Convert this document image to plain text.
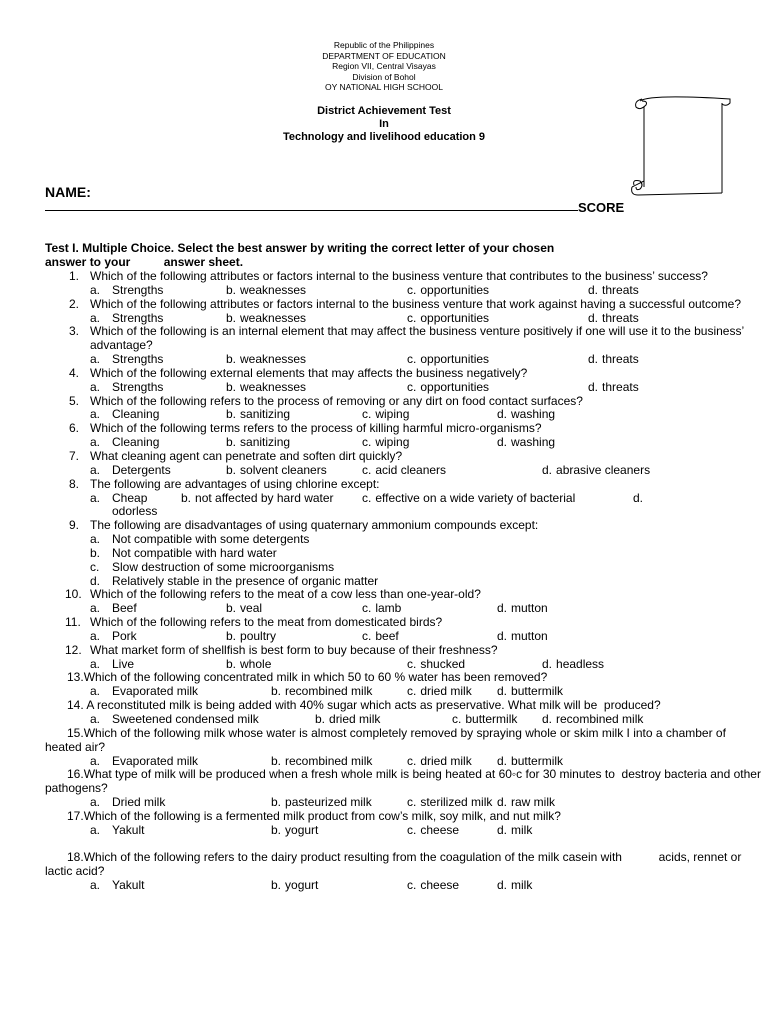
Republic of the Philippines
DEPARTMENT OF EDUCATION
Region VII, Central Visayas
Division of Bohol
OY NATIONAL HIGH SCHOOL
District Achievement Test
In
Technology and livelihood education 9
NAME:
SCORE
Test I. Multiple Choice. Select the best answer by writing the correct letter of your chosen
answer to your          answer sheet.
1. Which of the following attributes or factors internal to the business venture that contributes to the business’ success?
a. Strengths	b. weaknesses	c. opportunities	d. threats
2. Which of the following attributes or factors internal to the business venture that work against having a successful outcome?
a. Strengths	b. weaknesses	c. opportunities	d. threats
3. Which of the following is an internal element that may affect the business venture positively if one will use it to the business’ advantage?
a. Strengths	b. weaknesses	c. opportunities	d. threats
4. Which of the following external elements that may affects the business negatively?
a. Strengths	b. weaknesses	c. opportunities	d. threats
5. Which of the following refers to the process of removing or any dirt on food contact surfaces?
a. Cleaning	b. sanitizing	c. wiping	d. washing
6. Which of the following terms refers to the process of killing harmful micro-organisms?
a. Cleaning	b. sanitizing	c. wiping	d. washing
7. What cleaning agent can penetrate and soften dirt quickly?
a. Detergents	b. solvent cleaners	c. acid cleaners	d. abrasive cleaners
8. The following are advantages of using chlorine except:
a. Cheap	b. not affected by hard water c. effective on a wide variety of bacterial	d.
odorless
9. The following are disadvantages of using quaternary ammonium compounds except:
a. Not compatible with some detergents
b. Not compatible with hard water
c.	Slow destruction of some microorganisms
d. Relatively stable in the presence of organic matter
10. Which of the following refers to the meat of a cow less than one-year-old?
a. Beef	b. veal	c. lamb	d. mutton
11. Which of the following refers to the meat from domesticated birds?
a. Pork	b. poultry	c. beef	d. mutton
12. What market form of shellfish is best form to buy because of their freshness?
a. Live	b. whole	c. shucked	d. headless
13.Which of the following concentrated milk in which 50 to 60 % water has been removed?
a. Evaporated milk	b. recombined milk	c. dried milk d. buttermilk
14. A reconstituted milk is being added with 40% sugar which acts as preservative. What milk will be  produced?
a. Sweetened condensed milk	b. dried milk	c. buttermilk d. recombined milk
15.Which of the following milk whose water is almost completely removed by spraying whole or skim milk I into a chamber of heated air?
a. Evaporated milk	b. recombined milk	c. dried milk d. buttermilk
16.What type of milk will be produced when a fresh whole milk is being heated at 60◦c for 30 minutes to  destroy bacteria and other pathogens?
a. Dried milk	b. pasteurized milk	c. sterilized milk d. raw milk
17.Which of the following is a fermented milk product from cow’s milk, soy milk, and nut milk?
a. Yakult	b. yogurt	c. cheese	d. milk
18.Which of the following refers to the dairy product resulting from the coagulation of the milk casein with           acids, rennet or lactic acid?
a. Yakult	b. yogurt	c. cheese	d. milk
